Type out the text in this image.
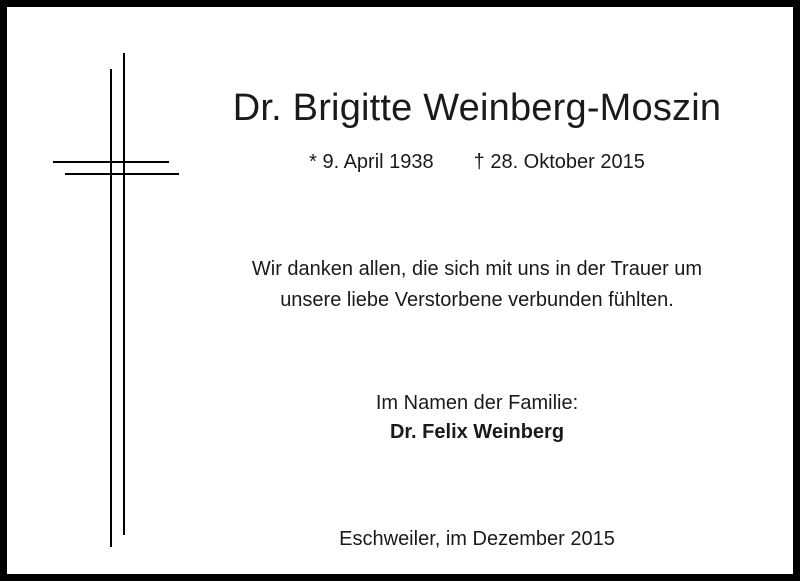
Dr. Brigitte Weinberg-Moszin
* 9. April 1938 † 28. Oktober 2015
Wir danken allen, die sich mit uns in der Trauer um
unsere liebe Verstorbene verbunden fühlten.
Im Namen der Familie:
Dr. Felix Weinberg
Eschweiler, im Dezember 2015
